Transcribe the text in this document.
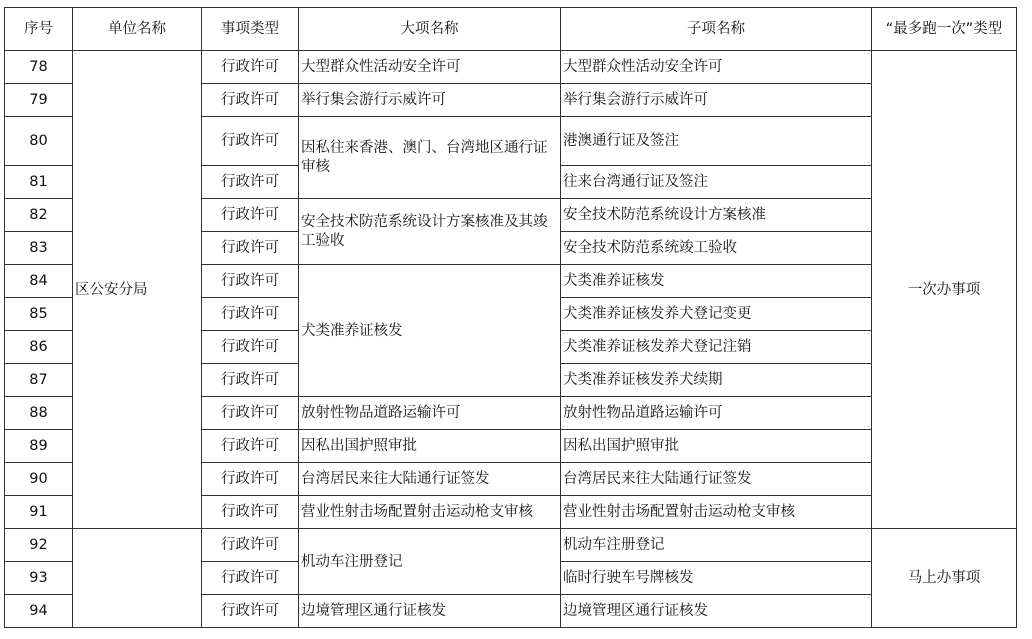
序号	单位名称	事项类型	大项名称	子项名称	“最多跑一次”类型
78	区公安分局	行政许可	大型群众性活动安全许可	大型群众性活动安全许可	一次办事项
79		行政许可	举行集会游行示威许可	举行集会游行示威许可	
80		行政许可	因私往来香港、澳门、台湾地区通行证审核	港澳通行证及签注	
81		行政许可		往来台湾通行证及签注	
82		行政许可	安全技术防范系统设计方案核准及其竣工验收	安全技术防范系统设计方案核准	
83		行政许可		安全技术防范系统竣工验收	
84		行政许可	犬类准养证核发	犬类准养证核发	
85		行政许可		犬类准养证核发养犬登记变更	
86		行政许可		犬类准养证核发养犬登记注销	
87		行政许可		犬类准养证核发养犬续期	
88		行政许可	放射性物品道路运输许可	放射性物品道路运输许可	
89		行政许可	因私出国护照审批	因私出国护照审批	
90		行政许可	台湾居民来往大陆通行证签发	台湾居民来往大陆通行证签发	
91		行政许可	营业性射击场配置射击运动枪支审核	营业性射击场配置射击运动枪支审核	
92		行政许可	机动车注册登记	机动车注册登记	马上办事项
93		行政许可		临时行驶车号牌核发	
94		行政许可	边境管理区通行证核发	边境管理区通行证核发	
